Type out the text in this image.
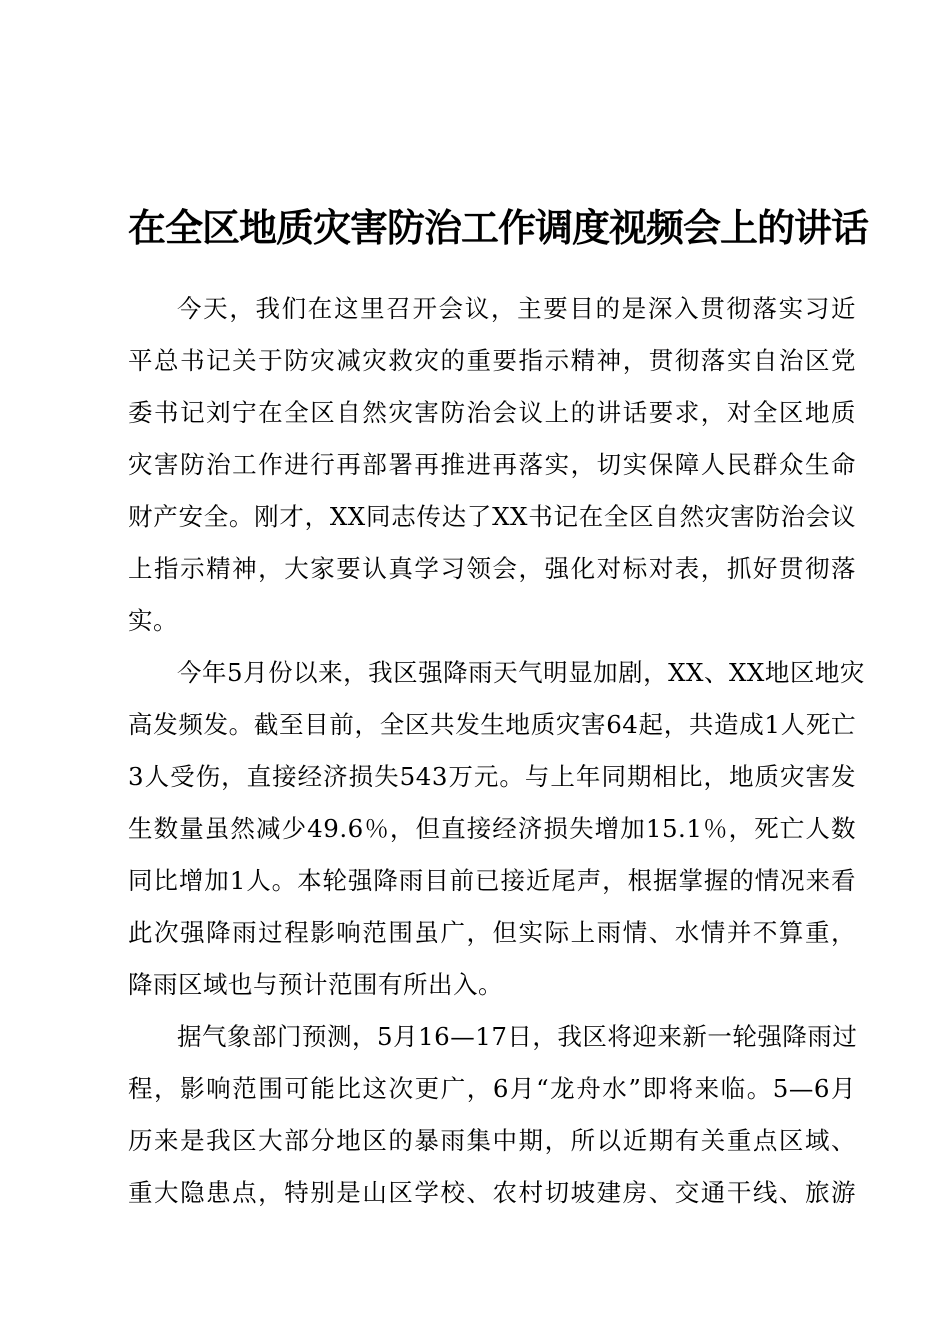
在全区地质灾害防治工作调度视频会上的讲话
今天，我们在这里召开会议，主要目的是深入贯彻落实习近
平总书记关于防灾减灾救灾的重要指示精神，贯彻落实自治区党
委书记刘宁在全区自然灾害防治会议上的讲话要求，对全区地质
灾害防治工作进行再部署再推进再落实，切实保障人民群众生命
财产安全。刚才，XX同志传达了XX书记在全区自然灾害防治会议
上指示精神，大家要认真学习领会，强化对标对表，抓好贯彻落
实。
今年5月份以来，我区强降雨天气明显加剧，XX、XX地区地灾
高发频发。截至目前，全区共发生地质灾害64起，共造成1人死亡
3人受伤，直接经济损失543万元。与上年同期相比，地质灾害发
生数量虽然减少49.6％，但直接经济损失增加15.1％，死亡人数
同比增加1人。本轮强降雨目前已接近尾声，根据掌握的情况来看
此次强降雨过程影响范围虽广，但实际上雨情、水情并不算重，
降雨区域也与预计范围有所出入。
据气象部门预测，5月16—17日，我区将迎来新一轮强降雨过
程，影响范围可能比这次更广，6月“龙舟水”即将来临。5—6月
历来是我区大部分地区的暴雨集中期，所以近期有关重点区域、
重大隐患点，特别是山区学校、农村切坡建房、交通干线、旅游
